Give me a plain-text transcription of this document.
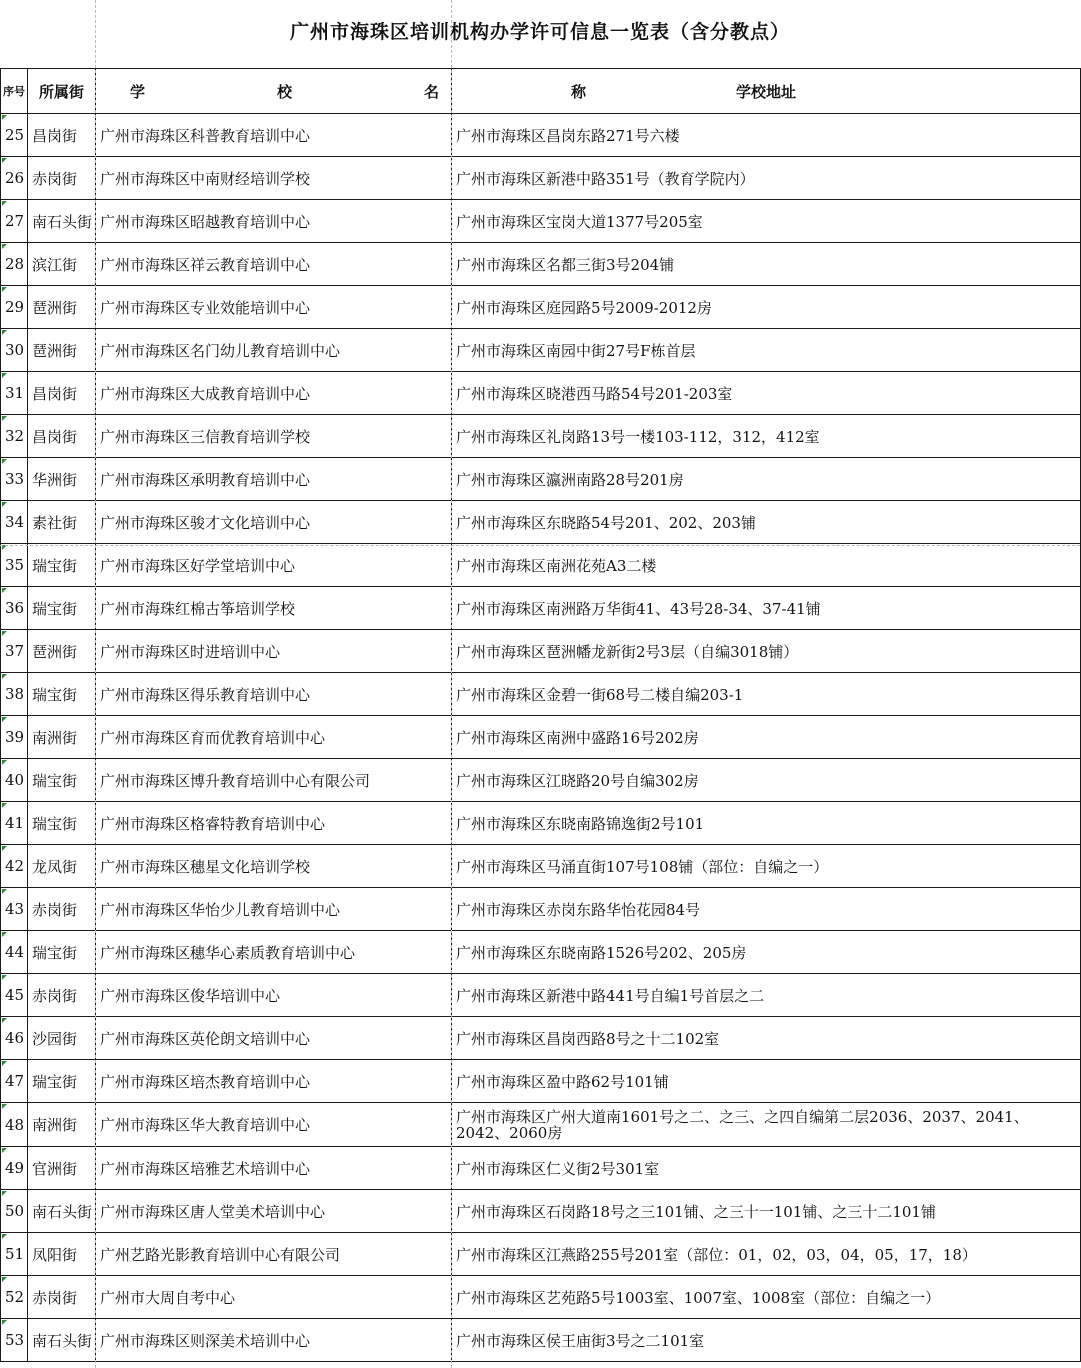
广州市海珠区培训机构办学许可信息一览表（含分教点）
序号	所属街	学　　校　　名　　称	学校地址
25	昌岗街	广州市海珠区科普教育培训中心	广州市海珠区昌岗东路271号六楼
26	赤岗街	广州市海珠区中南财经培训学校	广州市海珠区新港中路351号（教育学院内）
27	南石头街	广州市海珠区昭越教育培训中心	广州市海珠区宝岗大道1377号205室
28	滨江街	广州市海珠区祥云教育培训中心	广州市海珠区名都三街3号204铺
29	琶洲街	广州市海珠区专业效能培训中心	广州市海珠区庭园路5号2009-2012房
30	琶洲街	广州市海珠区名门幼儿教育培训中心	广州市海珠区南园中街27号F栋首层
31	昌岗街	广州市海珠区大成教育培训中心	广州市海珠区晓港西马路54号201-203室
32	昌岗街	广州市海珠区三信教育培训学校	广州市海珠区礼岗路13号一楼103-112，312，412室
33	华洲街	广州市海珠区承明教育培训中心	广州市海珠区瀛洲南路28号201房
34	素社街	广州市海珠区骏才文化培训中心	广州市海珠区东晓路54号201、202、203铺
35	瑞宝街	广州市海珠区好学堂培训中心	广州市海珠区南洲花苑A3二楼
36	瑞宝街	广州市海珠红棉古筝培训学校	广州市海珠区南洲路万华街41、43号28-34、37-41铺
37	琶洲街	广州市海珠区时进培训中心	广州市海珠区琶洲幡龙新街2号3层（自编3018铺）
38	瑞宝街	广州市海珠区得乐教育培训中心	广州市海珠区金碧一街68号二楼自编203-1
39	南洲街	广州市海珠区育而优教育培训中心	广州市海珠区南洲中盛路16号202房
40	瑞宝街	广州市海珠区博升教育培训中心有限公司	广州市海珠区江晓路20号自编302房
41	瑞宝街	广州市海珠区格睿特教育培训中心	广州市海珠区东晓南路锦逸街2号101
42	龙凤街	广州市海珠区穗星文化培训学校	广州市海珠区马涌直街107号108铺（部位：自编之一）
43	赤岗街	广州市海珠区华怡少儿教育培训中心	广州市海珠区赤岗东路华怡花园84号
44	瑞宝街	广州市海珠区穗华心素质教育培训中心	广州市海珠区东晓南路1526号202、205房
45	赤岗街	广州市海珠区俊华培训中心	广州市海珠区新港中路441号自编1号首层之二
46	沙园街	广州市海珠区英伦朗文培训中心	广州市海珠区昌岗西路8号之十二102室
47	瑞宝街	广州市海珠区培杰教育培训中心	广州市海珠区盈中路62号101铺
48	南洲街	广州市海珠区华大教育培训中心	广州市海珠区广州大道南1601号之二、之三、之四自编第二层2036、2037、2041、2042、2060房
49	官洲街	广州市海珠区培雅艺术培训中心	广州市海珠区仁义街2号301室
50	南石头街	广州市海珠区唐人堂美术培训中心	广州市海珠区石岗路18号之三101铺、之三十一101铺、之三十二101铺
51	凤阳街	广州艺路光影教育培训中心有限公司	广州市海珠区江燕路255号201室（部位：01，02，03，04，05，17，18）
52	赤岗街	广州市大周自考中心	广州市海珠区艺苑路5号1003室、1007室、1008室（部位：自编之一）
53	南石头街	广州市海珠区则深美术培训中心	广州市海珠区侯王庙街3号之二101室
